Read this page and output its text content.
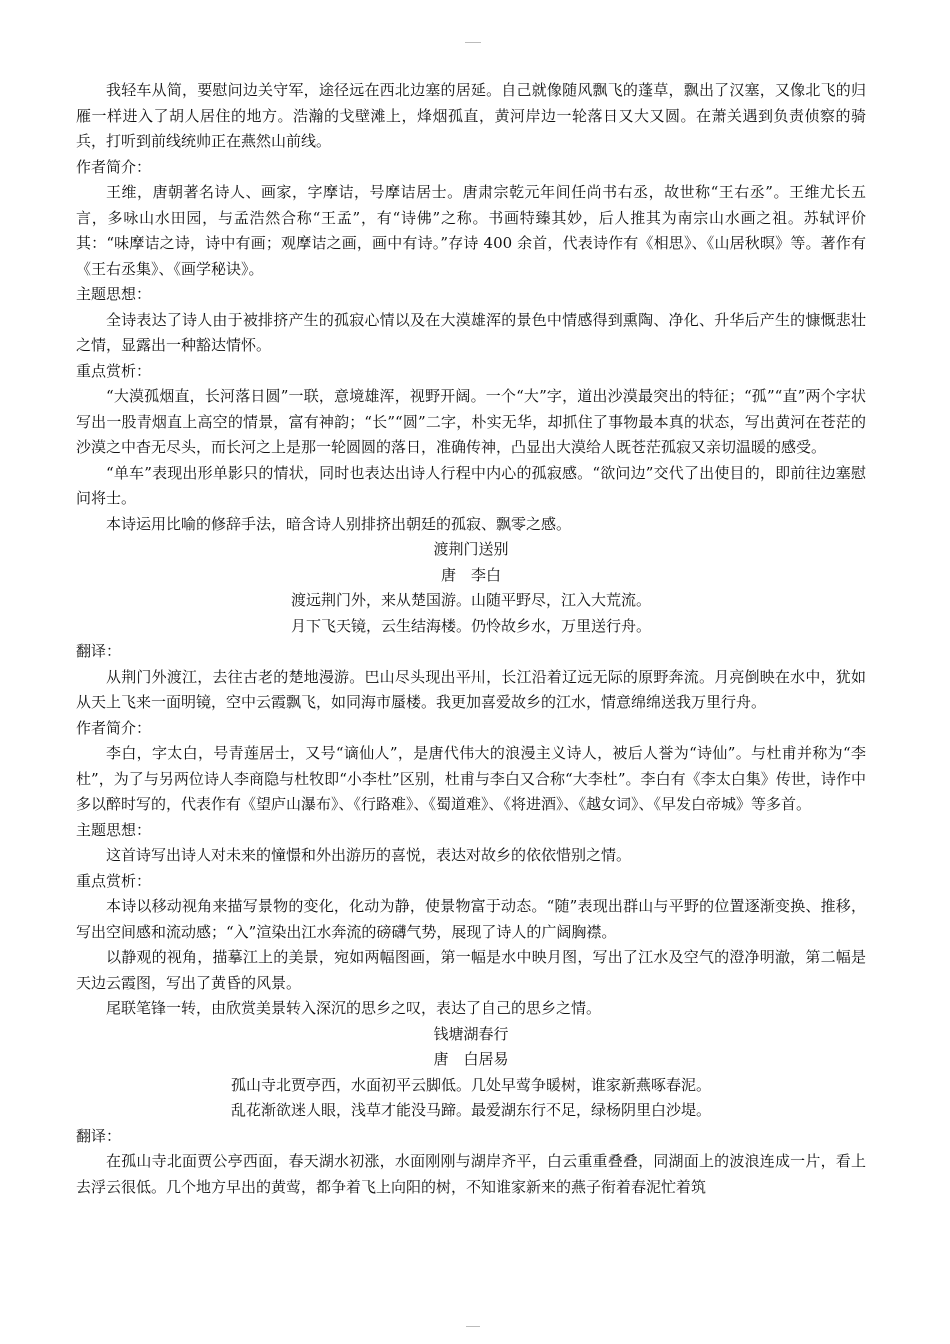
我轻车从简，要慰问边关守军，途径远在西北边塞的居延。自己就像随风飘飞的蓬草，飘出了汉塞，又像北飞的归雁一样进入了胡人居住的地方。浩瀚的戈壁滩上，烽烟孤直，黄河岸边一轮落日又大又圆。在萧关遇到负责侦察的骑兵，打听到前线统帅正在燕然山前线。

作者简介：

王维，唐朝著名诗人、画家，字摩诘，号摩诘居士。唐肃宗乾元年间任尚书右丞，故世称“王右丞”。王维尤长五言，多咏山水田园，与孟浩然合称“王孟”，有“诗佛”之称。书画特臻其妙，后人推其为南宗山水画之祖。苏轼评价其：“味摩诘之诗，诗中有画；观摩诘之画，画中有诗。”存诗 400 余首，代表诗作有《相思》、《山居秋暝》等。著作有《王右丞集》、《画学秘诀》。

主题思想：

全诗表达了诗人由于被排挤产生的孤寂心情以及在大漠雄浑的景色中情感得到熏陶、净化、升华后产生的慷慨悲壮之情，显露出一种豁达情怀。

重点赏析：

“大漠孤烟直，长河落日圆”一联，意境雄浑，视野开阔。一个“大”字，道出沙漠最突出的特征；“孤”“直”两个字状写出一股青烟直上高空的情景，富有神韵；“长”“圆”二字，朴实无华，却抓住了事物最本真的状态，写出黄河在苍茫的沙漠之中杳无尽头，而长河之上是那一轮圆圆的落日，准确传神，凸显出大漠给人既苍茫孤寂又亲切温暖的感受。

“单车”表现出形单影只的情状，同时也表达出诗人行程中内心的孤寂感。“欲问边”交代了出使目的，即前往边塞慰问将士。

本诗运用比喻的修辞手法，暗含诗人别排挤出朝廷的孤寂、飘零之感。

渡荆门送别

唐　李白

渡远荆门外，来从楚国游。山随平野尽，江入大荒流。

月下飞天镜，云生结海楼。仍怜故乡水，万里送行舟。

翻译：

从荆门外渡江，去往古老的楚地漫游。巴山尽头现出平川，长江沿着辽远无际的原野奔流。月亮倒映在水中，犹如从天上飞来一面明镜，空中云霞飘飞，如同海市蜃楼。我更加喜爱故乡的江水，情意绵绵送我万里行舟。

作者简介：

李白，字太白，号青莲居士，又号“谪仙人”，是唐代伟大的浪漫主义诗人，被后人誉为“诗仙”。与杜甫并称为“李杜”，为了与另两位诗人李商隐与杜牧即“小李杜”区别，杜甫与李白又合称“大李杜”。李白有《李太白集》传世，诗作中多以醉时写的，代表作有《望庐山瀑布》、《行路难》、《蜀道难》、《将进酒》、《越女词》、《早发白帝城》等多首。

主题思想：

这首诗写出诗人对未来的憧憬和外出游历的喜悦，表达对故乡的依依惜别之情。

重点赏析：

本诗以移动视角来描写景物的变化，化动为静，使景物富于动态。“随”表现出群山与平野的位置逐渐变换、推移，写出空间感和流动感；“入”渲染出江水奔流的磅礴气势，展现了诗人的广阔胸襟。

以静观的视角，描摹江上的美景，宛如两幅图画，第一幅是水中映月图，写出了江水及空气的澄净明澈，第二幅是天边云霞图，写出了黄昏的风景。

尾联笔锋一转，由欣赏美景转入深沉的思乡之叹，表达了自己的思乡之情。

钱塘湖春行

唐　白居易

孤山寺北贾亭西，水面初平云脚低。几处早莺争暖树，谁家新燕啄春泥。

乱花渐欲迷人眼，浅草才能没马蹄。最爱湖东行不足，绿杨阴里白沙堤。

翻译：

在孤山寺北面贾公亭西面，春天湖水初涨，水面刚刚与湖岸齐平，白云重重叠叠，同湖面上的波浪连成一片，看上去浮云很低。几个地方早出的黄莺，都争着飞上向阳的树，不知谁家新来的燕子衔着春泥忙着筑
